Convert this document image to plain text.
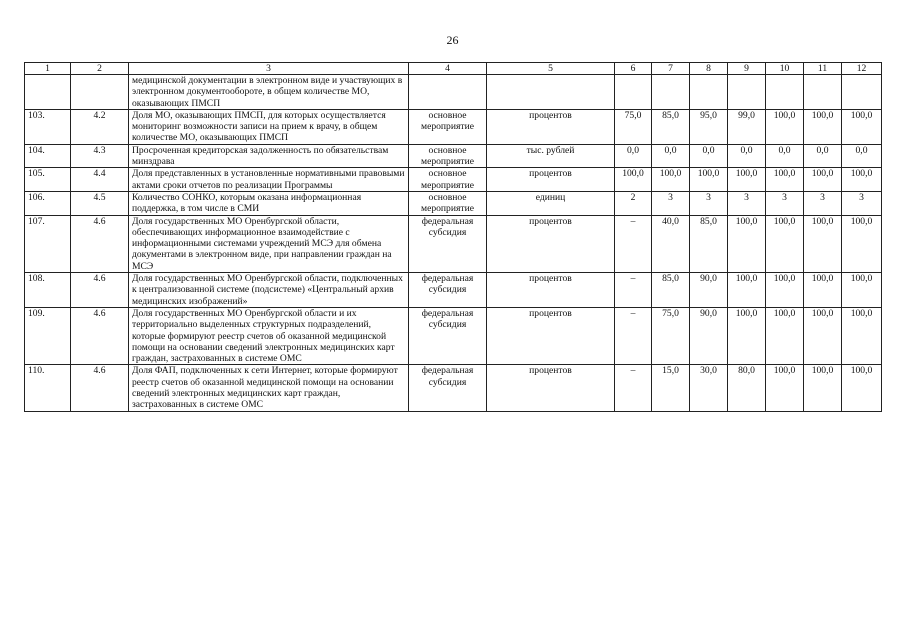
26
1	2	3	4	5	6	7	8	9	10	11	12
		медицинской документации в электронном виде и участвующих в электронном документообороте, в общем количестве МО, оказывающих ПМСП									
103.	4.2	Доля МО, оказывающих ПМСП, для которых осуществляется мониторинг возможности записи на прием к врачу, в общем количестве МО, оказывающих ПМСП	основное мероприятие	процентов	75,0	85,0	95,0	99,0	100,0	100,0	100,0
104.	4.3	Просроченная кредиторская задолженность по обязательствам минздрава	основное мероприятие	тыс. рублей	0,0	0,0	0,0	0,0	0,0	0,0	0,0
105.	4.4	Доля представленных в установленные нормативными правовыми актами сроки отчетов по реализации Программы	основное мероприятие	процентов	100,0	100,0	100,0	100,0	100,0	100,0	100,0
106.	4.5	Количество СОНКО, которым оказана информационная поддержка, в том числе в СМИ	основное мероприятие	единиц	2	3	3	3	3	3	3
107.	4.6	Доля государственных МО Оренбургской области, обеспечивающих информационное взаимодействие с информационными системами учреждений МСЭ для обмена документами в электронном виде, при направлении граждан на МСЭ	федеральная субсидия	процентов	–	40,0	85,0	100,0	100,0	100,0	100,0
108.	4.6	Доля государственных МО Оренбургской области, подключенных к централизованной системе (подсистеме) «Центральный архив медицинских изображений»	федеральная субсидия	процентов	–	85,0	90,0	100,0	100,0	100,0	100,0
109.	4.6	Доля государственных МО Оренбургской области и их территориально выделенных структурных подразделений, которые формируют реестр счетов об оказанной медицинской помощи на основании сведений электронных медицинских карт граждан, застрахованных в системе ОМС	федеральная субсидия	процентов	–	75,0	90,0	100,0	100,0	100,0	100,0
110.	4.6	Доля ФАП, подключенных к сети Интернет, которые формируют реестр счетов об оказанной медицинской помощи на основании сведений электронных медицинских карт граждан, застрахованных в системе ОМС	федеральная субсидия	процентов	–	15,0	30,0	80,0	100,0	100,0	100,0
